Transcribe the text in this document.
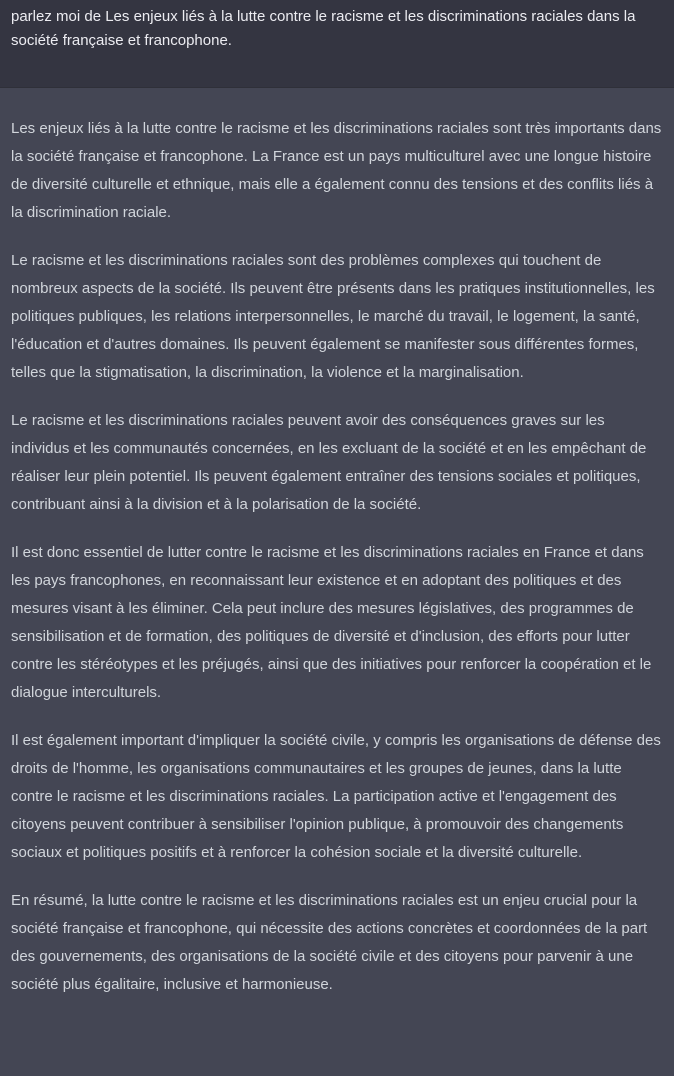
parlez moi de Les enjeux liés à la lutte contre le racisme et les discriminations raciales dans la société française et francophone.

Les enjeux liés à la lutte contre le racisme et les discriminations raciales sont très importants dans la société française et francophone. La France est un pays multiculturel avec une longue histoire de diversité culturelle et ethnique, mais elle a également connu des tensions et des conflits liés à la discrimination raciale.

Le racisme et les discriminations raciales sont des problèmes complexes qui touchent de nombreux aspects de la société. Ils peuvent être présents dans les pratiques institutionnelles, les politiques publiques, les relations interpersonnelles, le marché du travail, le logement, la santé, l'éducation et d'autres domaines. Ils peuvent également se manifester sous différentes formes, telles que la stigmatisation, la discrimination, la violence et la marginalisation.

Le racisme et les discriminations raciales peuvent avoir des conséquences graves sur les individus et les communautés concernées, en les excluant de la société et en les empêchant de réaliser leur plein potentiel. Ils peuvent également entraîner des tensions sociales et politiques, contribuant ainsi à la division et à la polarisation de la société.

Il est donc essentiel de lutter contre le racisme et les discriminations raciales en France et dans les pays francophones, en reconnaissant leur existence et en adoptant des politiques et des mesures visant à les éliminer. Cela peut inclure des mesures législatives, des programmes de sensibilisation et de formation, des politiques de diversité et d'inclusion, des efforts pour lutter contre les stéréotypes et les préjugés, ainsi que des initiatives pour renforcer la coopération et le dialogue interculturels.

Il est également important d'impliquer la société civile, y compris les organisations de défense des droits de l'homme, les organisations communautaires et les groupes de jeunes, dans la lutte contre le racisme et les discriminations raciales. La participation active et l'engagement des citoyens peuvent contribuer à sensibiliser l'opinion publique, à promouvoir des changements sociaux et politiques positifs et à renforcer la cohésion sociale et la diversité culturelle.

En résumé, la lutte contre le racisme et les discriminations raciales est un enjeu crucial pour la société française et francophone, qui nécessite des actions concrètes et coordonnées de la part des gouvernements, des organisations de la société civile et des citoyens pour parvenir à une société plus égalitaire, inclusive et harmonieuse.
